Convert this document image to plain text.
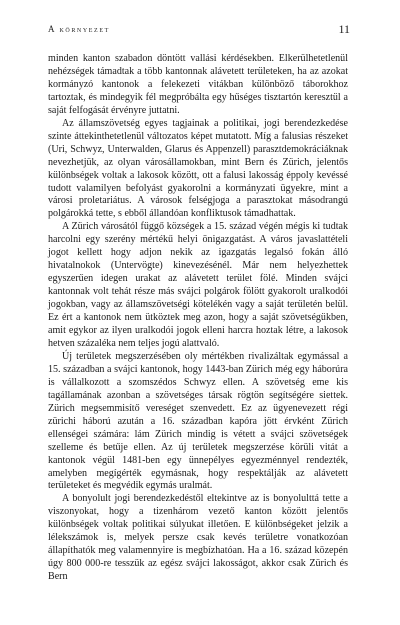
A környezet	11

minden kanton szabadon döntött vallási kérdésekben. Elkerülhetetlenül nehézségek támadtak a több kantonnak alávetett területeken, ha az azokat kormányzó kantonok a felekezeti vitákban különböző táborokhoz tartoztak, és mindegyik fél megpróbálta egy hűséges tisztartón keresztül a saját felfogását érvényre juttatni.

Az államszövetség egyes tagjainak a politikai, jogi berendezkedése szinte áttekinthetetlenül változatos képet mutatott. Míg a falusias részeket (Uri, Schwyz, Unterwalden, Glarus és Appenzell) parasztdemokráciáknak nevezhetjük, az olyan városállamokban, mint Bern és Zürich, jelentős különbségek voltak a lakosok között, ott a falusi lakosság éppoly kevéssé tudott valamilyen befolyást gyakorolni a kormányzati ügyekre, mint a városi proletariátus. A városok felségjoga a parasztokat másodrangú polgárokká tette, s ebből állandóan konfliktusok támadhattak.

A Zürich városától függő községek a 15. század végén mégis ki tudtak harcolni egy szerény mértékű helyi önigazgatást. A város javaslattételi jogot kellett hogy adjon nekik az igazgatás legalsó fokán álló hivatalnokok (Untervögte) kinevezésénél. Már nem helyezhettek egyszerűen idegen urakat az alávetett terület fölé. Minden svájci kantonnak volt tehát része más svájci polgárok fölött gyakorolt uralkodói jogokban, vagy az államszövetségi kötelékén vagy a saját területén belül. Ez ért a kantonok nem ütköztek meg azon, hogy a saját szövetségükben, amit egykor az ilyen uralkodói jogok elleni harcra hoztak létre, a lakosok hetven százaléka nem teljes jogú alattvaló.

Új területek megszerzésében oly mértékben rivalizáltak egymással a 15. században a svájci kantonok, hogy 1443-ban Zürich még egy háborúra is vállalkozott a szomszédos Schwyz ellen. A szövetség eme kis tagállamának azonban a szövetséges társak rögtön segítségére siettek. Zürich megsemmisítő vereséget szenvedett. Ez az ügyenevezett régi zürichi háború azután a 16. században kapóra jött érvként Zürich ellenségei számára: lám Zürich mindig is vétett a svájci szövetségek szelleme és betűje ellen. Az új területek megszerzése körüli vitát a kantonok végül 1481-ben egy ünnepélyes egyezménnyel rendezték, amelyben megígérték egymásnak, hogy respektálják az alávetett területeket és megvédik egymás uralmát.

A bonyolult jogi berendezkedéstől eltekintve az is bonyolulttá tette a viszonyokat, hogy a tizenhárom vezető kanton között jelentős különbségek voltak politikai súlyukat illetően. E különbségeket jelzik a lélekszámok is, melyek persze csak kevés területre vonatkozóan állapíthatók meg valamennyire is megbízhatóan. Ha a 16. század közepén úgy 800 000-re tesszük az egész svájci lakosságot, akkor csak Zürich és Bern
